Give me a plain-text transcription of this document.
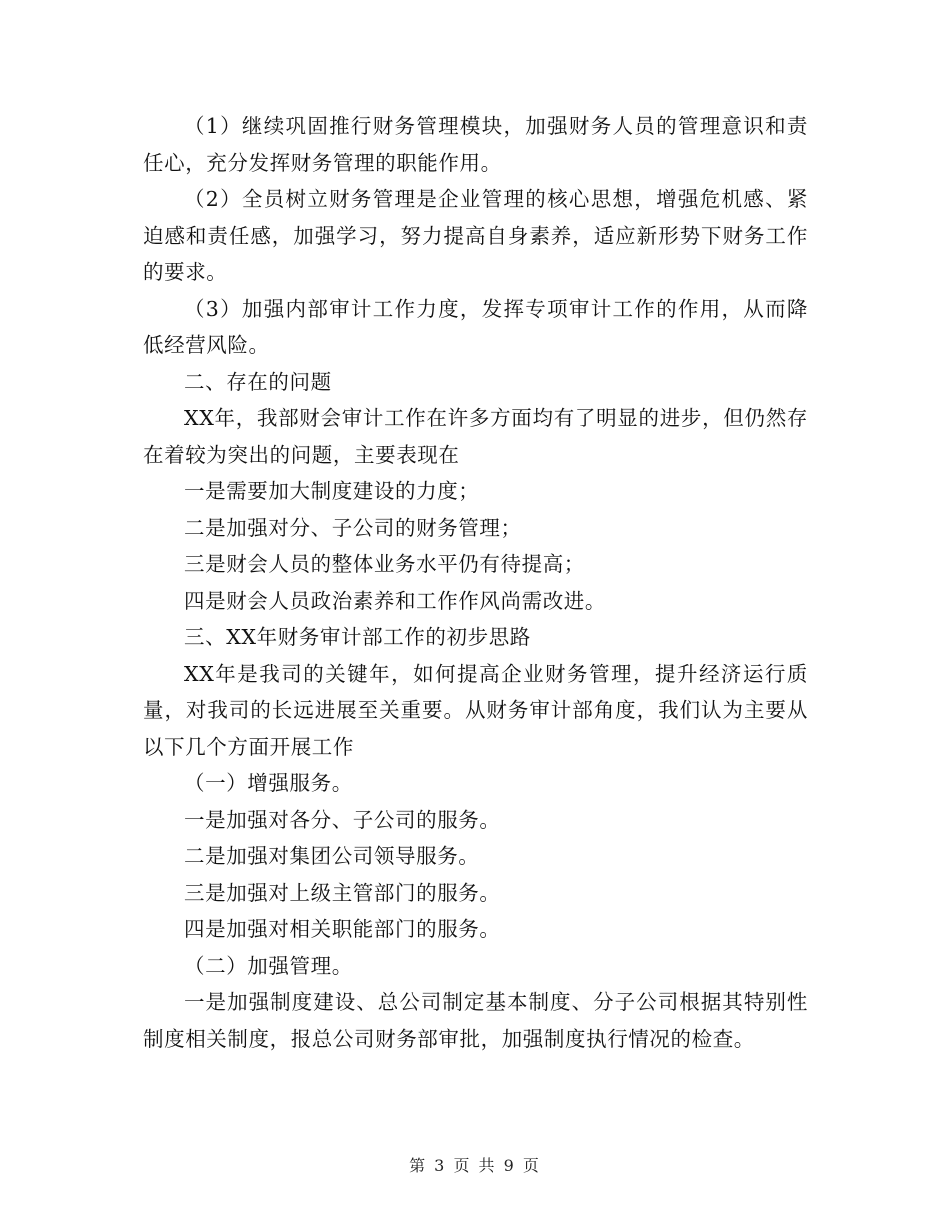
（1）继续巩固推行财务管理模块，加强财务人员的管理意识和责任心，充分发挥财务管理的职能作用。

（2）全员树立财务管理是企业管理的核心思想，增强危机感、紧迫感和责任感，加强学习，努力提高自身素养，适应新形势下财务工作的要求。

（3）加强内部审计工作力度，发挥专项审计工作的作用，从而降低经营风险。

二、存在的问题

XX年，我部财会审计工作在许多方面均有了明显的进步，但仍然存在着较为突出的问题，主要表现在

一是需要加大制度建设的力度；

二是加强对分、子公司的财务管理；

三是财会人员的整体业务水平仍有待提高；

四是财会人员政治素养和工作作风尚需改进。

三、XX年财务审计部工作的初步思路

XX年是我司的关键年，如何提高企业财务管理，提升经济运行质量，对我司的长远进展至关重要。从财务审计部角度，我们认为主要从以下几个方面开展工作

（一）增强服务。

一是加强对各分、子公司的服务。

二是加强对集团公司领导服务。

三是加强对上级主管部门的服务。

四是加强对相关职能部门的服务。

（二）加强管理。

一是加强制度建设、总公司制定基本制度、分子公司根据其特别性制度相关制度，报总公司财务部审批，加强制度执行情况的检查。

第 3 页 共 9 页
